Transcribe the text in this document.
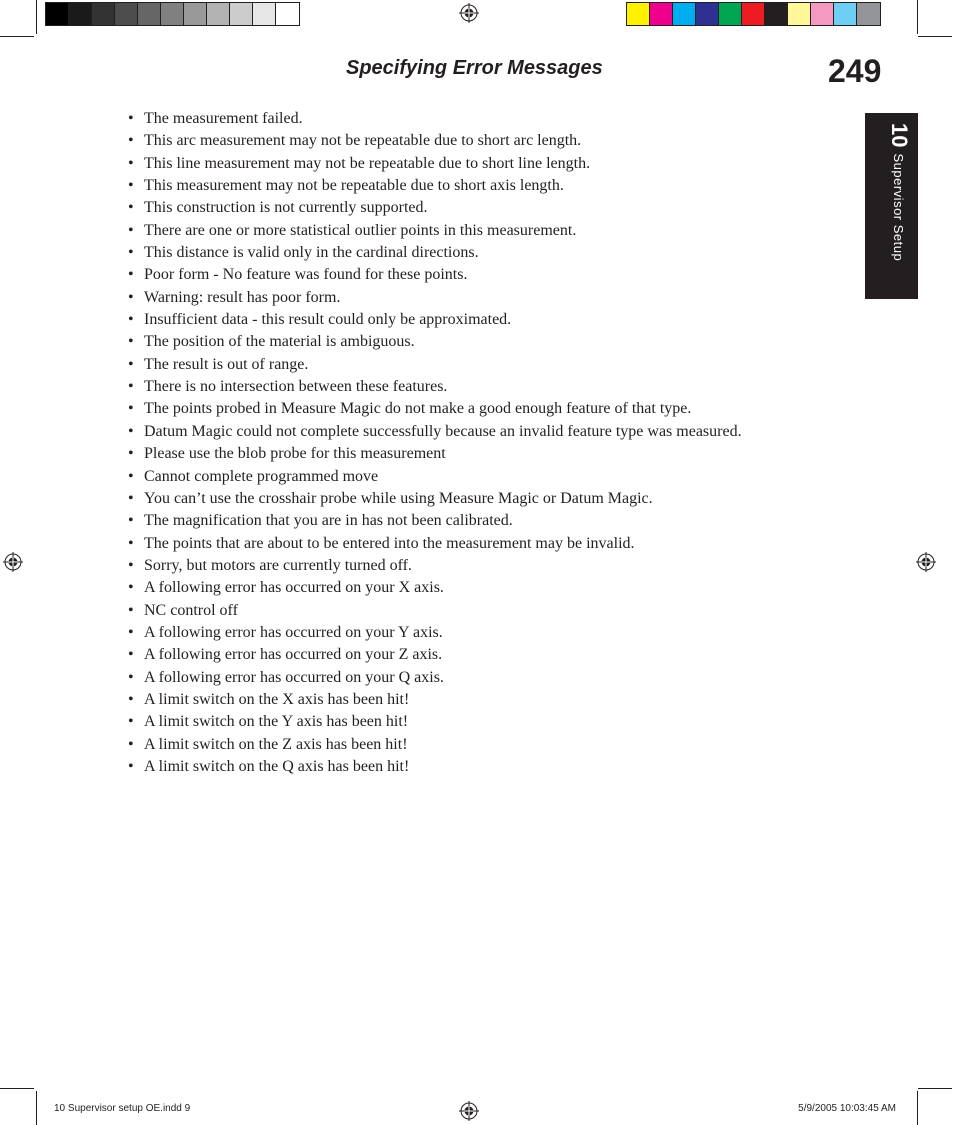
Specifying Error Messages	249
10Supervisor Setup
• The measurement failed.
• This arc measurement may not be repeatable due to short arc length.
• This line measurement may not be repeatable due to short line length.
• This measurement may not be repeatable due to short axis length.
• This construction is not currently supported.
• There are one or more statistical outlier points in this measurement.
• This distance is valid only in the cardinal directions.
• Poor form - No feature was found for these points.
• Warning: result has poor form.
• Insufficient data - this result could only be approximated.
• The position of the material is ambiguous.
• The result is out of range.
• There is no intersection between these features.
• The points probed in Measure Magic do not make a good enough feature of that type.
• Datum Magic could not complete successfully because an invalid feature type was measured.
• Please use the blob probe for this measurement
• Cannot complete programmed move
• You can’t use the crosshair probe while using Measure Magic or Datum Magic.
• The magnification that you are in has not been calibrated.
• The points that are about to be entered into the measurement may be invalid.
• Sorry, but motors are currently turned off.
• A following error has occurred on your X axis.
• NC control off
• A following error has occurred on your Y axis.
• A following error has occurred on your Z axis.
• A following error has occurred on your Q axis.
• A limit switch on the X axis has been hit!
• A limit switch on the Y axis has been hit!
• A limit switch on the Z axis has been hit!
• A limit switch on the Q axis has been hit!
10 Supervisor setup OE.indd 9	5/9/2005 10:03:45 AM
